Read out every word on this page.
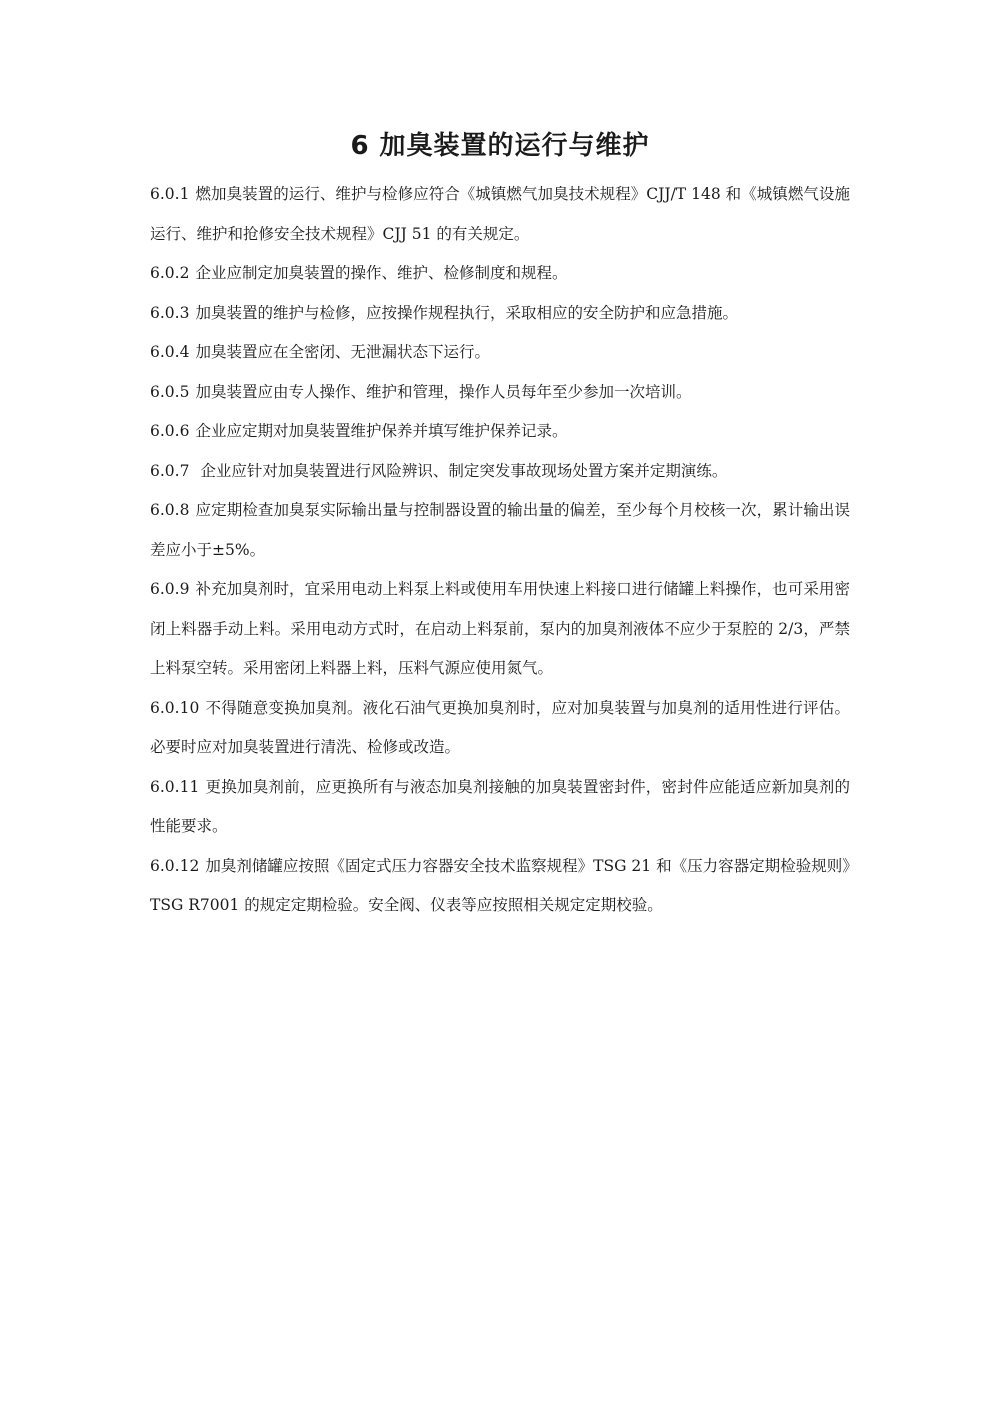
6 加臭装置的运行与维护
6.0.1 燃加臭装置的运行、维护与检修应符合《城镇燃气加臭技术规程》CJJ/T 148 和《城镇燃气设施运行、维护和抢修安全技术规程》CJJ 51 的有关规定。
6.0.2 企业应制定加臭装置的操作、维护、检修制度和规程。
6.0.3 加臭装置的维护与检修，应按操作规程执行，采取相应的安全防护和应急措施。
6.0.4 加臭装置应在全密闭、无泄漏状态下运行。
6.0.5 加臭装置应由专人操作、维护和管理，操作人员每年至少参加一次培训。
6.0.6 企业应定期对加臭装置维护保养并填写维护保养记录。
6.0.7 企业应针对加臭装置进行风险辨识、制定突发事故现场处置方案并定期演练。
6.0.8 应定期检查加臭泵实际输出量与控制器设置的输出量的偏差，至少每个月校核一次，累计输出误差应小于±5%。
6.0.9 补充加臭剂时，宜采用电动上料泵上料或使用车用快速上料接口进行储罐上料操作，也可采用密闭上料器手动上料。采用电动方式时，在启动上料泵前，泵内的加臭剂液体不应少于泵腔的 2/3，严禁上料泵空转。采用密闭上料器上料，压料气源应使用氮气。
6.0.10 不得随意变换加臭剂。液化石油气更换加臭剂时，应对加臭装置与加臭剂的适用性进行评估。必要时应对加臭装置进行清洗、检修或改造。
6.0.11 更换加臭剂前，应更换所有与液态加臭剂接触的加臭装置密封件，密封件应能适应新加臭剂的性能要求。
6.0.12 加臭剂储罐应按照《固定式压力容器安全技术监察规程》TSG 21 和《压力容器定期检验规则》TSG R7001 的规定定期检验。安全阀、仪表等应按照相关规定定期校验。
